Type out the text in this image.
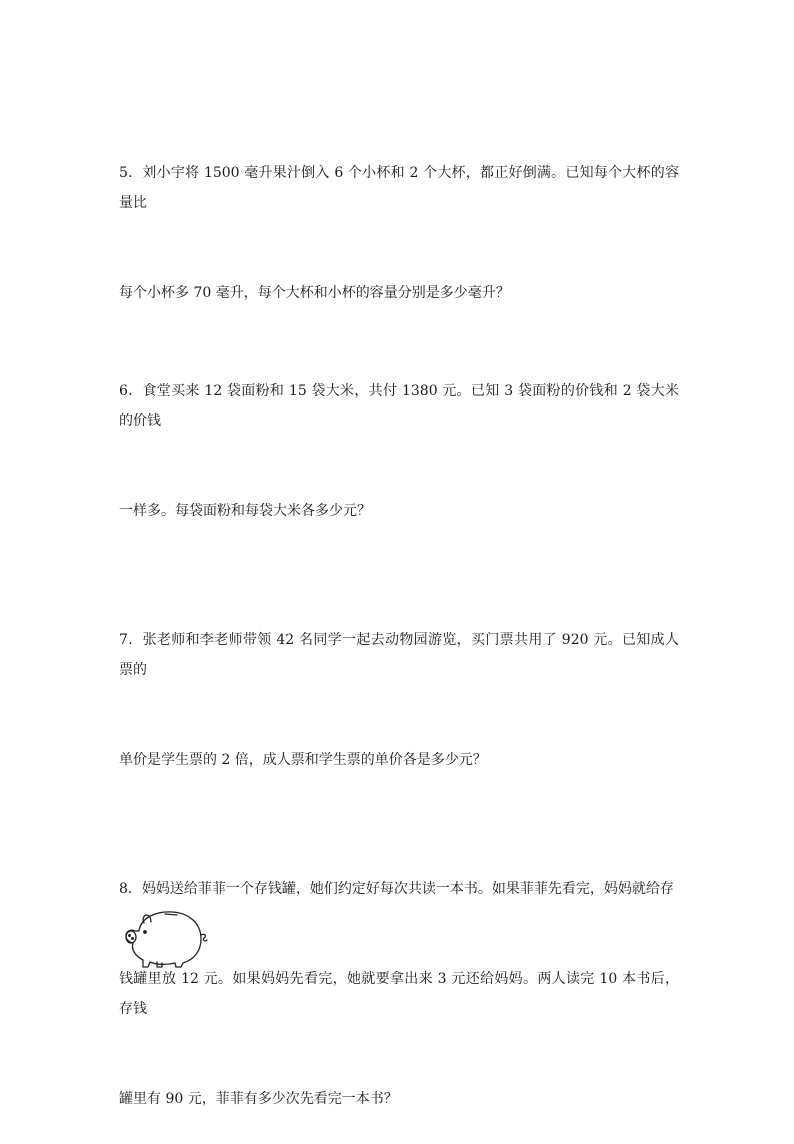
5．刘小宇将 1500 毫升果汁倒入 6 个小杯和 2 个大杯，都正好倒满。已知每个大杯的容量比

每个小杯多 70 毫升，每个大杯和小杯的容量分别是多少毫升？

6．食堂买来 12 袋面粉和 15 袋大米，共付 1380 元。已知 3 袋面粉的价钱和 2 袋大米的价钱

一样多。每袋面粉和每袋大米各多少元？

7．张老师和李老师带领 42 名同学一起去动物园游览，买门票共用了 920 元。已知成人票的

单价是学生票的 2 倍，成人票和学生票的单价各是多少元？

8．妈妈送给菲菲一个存钱罐，她们约定好每次共读一本书。如果菲菲先看完，妈妈就给存

钱罐里放 12 元。如果妈妈先看完，她就要拿出来 3 元还给妈妈。两人读完 10 本书后，存钱

罐里有 90 元，菲菲有多少次先看完一本书？
